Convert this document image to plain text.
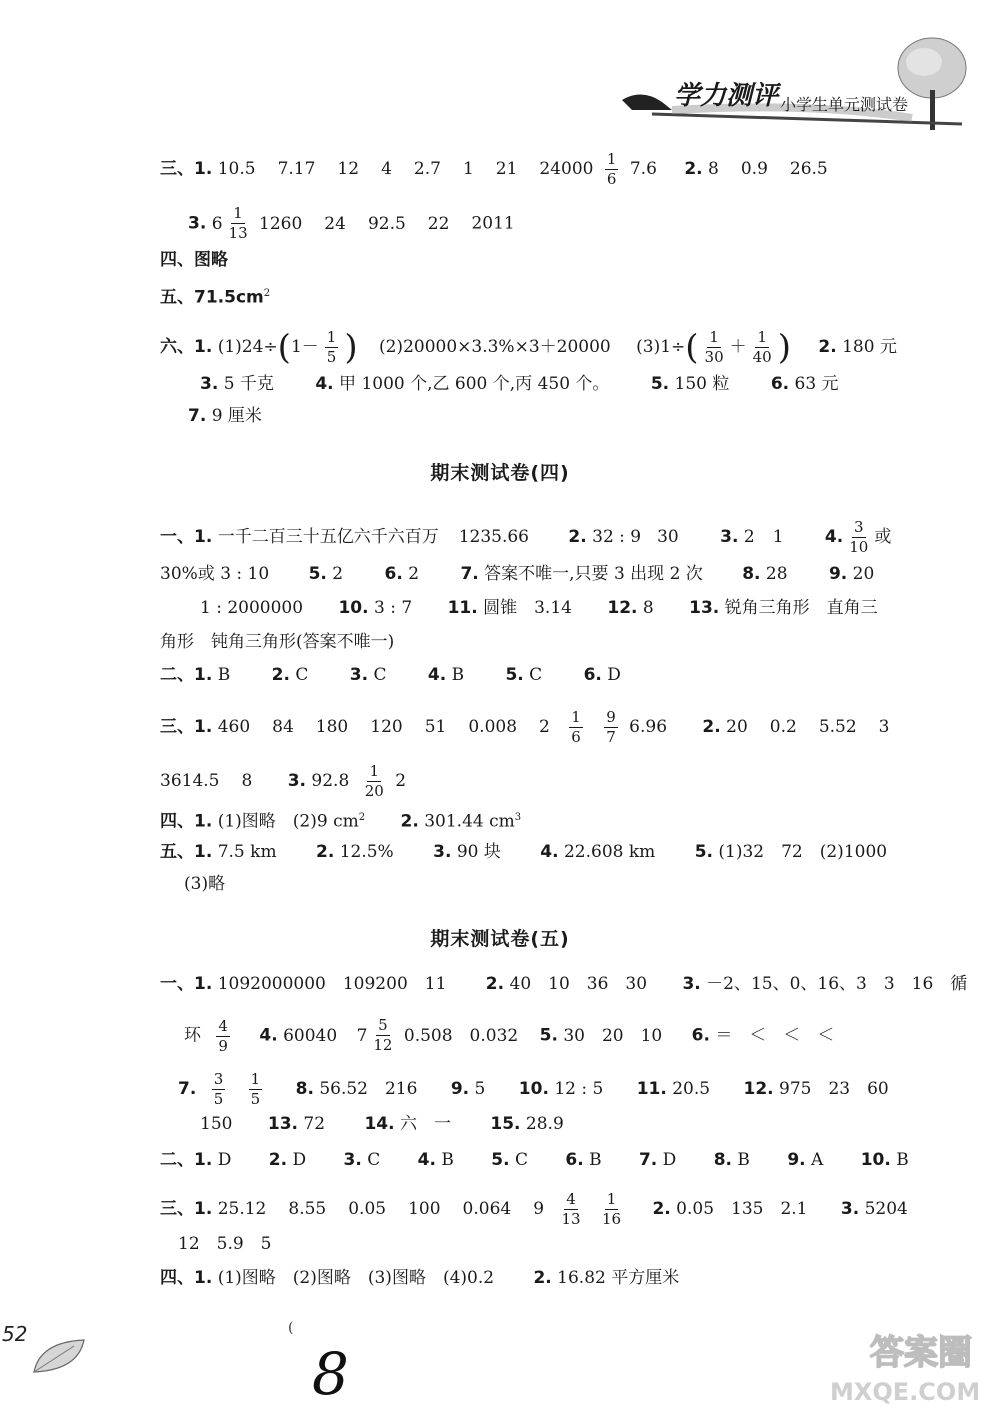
学力测评 小学生单元测试卷
三、1. 10.5 7.17 12 4 2.7 1 21 $24000 \frac{1}{6} 7.6$ 2. 8 0.9 26.5
3. $6 \frac{1}{13} 1260$ 24 92.5 22 2011
四、图略
五、$71.5cm^2$
六、1. $(1)24\div(1- \frac{1}{5}$ ) (2)20000×3.3%×3＋20000 $(3)1\div( \frac{1}{30} + \frac{1}{40}$ ) 2. 180 元
3. 5 千克 4. 甲 1000 个,乙 600 个,丙 450 个。 5. 150 粒 6. 63 元
7. 9 厘米
期末测试卷(四)
一、1. 一千二百三十五亿六千六百万 1235.66 2. 32 : 9 30 3. 2 1 4. $\frac{3}{10}$ 或
30%或 3 : 10 5. 2 6. 2 7. 答案不唯一,只要 3 出现 2 次 8. 28 9. 20
1 : 2000000 10. 3 : 7 11. 圆锥　3.14 12. 8 13. 锐角三角形　直角三
角形　钝角三角形(答案不唯一)
二、1. B 2. C 3. C 4. B 5. C 6. D
三、1. 460 84 180 120 51 0.008 $2 \frac{1}{6}$
$\frac{9}{7} 6.96$ 2. 20 0.2 5.52 3
3614.5 8 3. $92.8 \frac{1}{20} 2$
四、1. (1)图略　(2)9 $cm^2$ 2. 301.44 $cm^3$
五、1. 7.5 km 2. 12.5% 3. 90 块 4. 22.608 km 5. (1)32　72　(2)1000
(3)略
期末测试卷(五)
一、1. 1092000000　109200　11 2. 40　10　36　30 3. －2、15、0、16、3　3　16　循
环 $\frac{4}{9} 4$. 60040 $7 \frac{5}{12} 0.508$　0.032 5. 30　20　10 6. ＝　＜　＜　＜
7. $\frac{3}{5}$
$\frac{1}{5} 8$. 56.52　216 9. 5 10. 12 : 5 11. 20.5 12. 975　23　60
150 13. 72 14. 六　一 15. 28.9
二、1. D 2. D 3. C 4. B 5. C 6. B 7. D 8. B 9. A 10. B
三、1. 25.12 8.55 0.05 100 0.064 $9 \frac{4}{13}$
$\frac{1}{16} 2$. 0.05　135　2.1 3. 5204
12　5.9　5
四、1. (1)图略　(2)图略　(3)图略　(4)0.2 2. 16.82 平方厘米
52	(
8	答案圈
MXQE.COM
